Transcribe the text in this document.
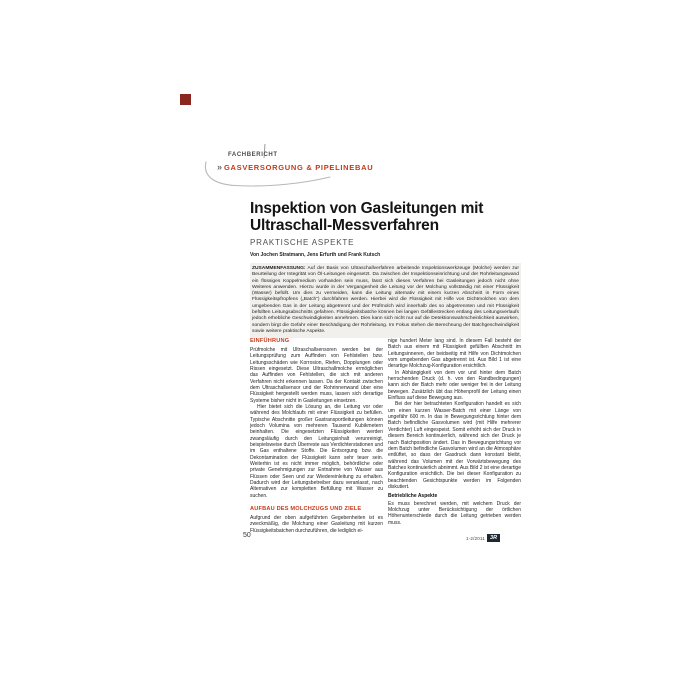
FACHBERICHT
» GASVERSORGUNG & PIPELINEBAU
Inspektion von Gasleitungen mit
Ultraschall-Messverfahren
PRAKTISCHE ASPEKTE
Von Jochen Stratmann, Jens Erfurth und Frank Kutsch
ZUSAMMENFASSUNG: Auf der Basis von Ultraschallverfahren arbeitende Inspektionswerkzeuge (Molche) werden zur Beurteilung der Integrität von Öl-Leitungen eingesetzt. Da zwischen der Inspektionseinrichtung und der Rohrleitungswand ein flüssiges Koppelmedium vorhanden sein muss, lässt sich dieses Verfahren bei Gasleitungen jedoch nicht ohne Weiteres anwenden. Hierzu wurde in der Vergangenheit die Leitung vor der Molchung vollständig mit einer Flüssigkeit (Wasser) befüllt. Um dies zu vermeiden, kann die Leitung alternativ mit einem kurzen Abschnitt in Form eines Flüssigkeitspfropfens („Batch“) durchfahren werden. Hierbei wird die Flüssigkeit mit Hilfe von Dichtmolchen von dem umgebenden Gas in der Leitung abgetrennt und der Prüfmolch wird innerhalb des so abgetrennten und mit Flüssigkeit befüllten Leitungsabschnitts gefahren. Flüssigkeitsbatche können bei langen Gefällestrecken entlang des Leitungsverlaufs jedoch erhebliche Geschwindigkeiten annehmen. Dies kann sich nicht nur auf die Detektionswahrscheinlichkeit auswirken, sondern birgt die Gefahr einer Beschädigung der Rohrleitung. Im Fokus stehen die Berechnung der Batchgeschwindigkeit sowie weitere praktische Aspekte.
EINFÜHRUNG

Prüfmolche mit Ultraschallsensoren werden bei der Leitungsprüfung zum Auffinden von Fehlstellen bzw. Leitungsschäden wie Korrosion, Riefen, Dopplungen oder Rissen eingesetzt. Diese Ultraschallmolche ermöglichen das Auffinden von Fehlstellen, die sich mit anderen Verfahren nicht erkennen lassen. Da der Kontakt zwischen dem Ultraschallsensor und der Rohrinnenwand über eine Flüssigkeit hergestellt werden muss, lassen sich derartige Systeme bisher nicht in Gasleitungen einsetzen.

Hier bietet sich die Lösung an, die Leitung vor oder während des Molchlaufs mit einer Flüssigkeit zu befüllen. Typische Abschnitte großer Gastransportleitungen können jedoch Volumina von mehreren Tausend Kubikmetern beinhalten. Die eingesetzten Flüssigkeiten werden zwangsläufig durch den Leitungsinhalt verunreinigt, beispielsweise durch Überreste aus Verdichterstationen und im Gas enthaltene Stoffe. Die Entsorgung bzw. die Dekontamination der Flüssigkeit kann sehr teuer sein. Weiterhin ist es nicht immer möglich, behördliche oder private Genehmigungen zur Entnahme von Wasser aus Flüssen oder Seen und zur Wiedereinleitung zu erhalten. Dadurch wird der Leitungsbetreiber dazu veranlasst, nach Alternativen zur kompletten Befüllung mit Wasser zu suchen.

AUFBAU DES MOLCHZUGS UND ZIELE

Aufgrund der oben aufgeführten Gegebenheiten ist es zweckmäßig, die Molchung einer Gasleitung mit kurzen Flüssigkeitsbatchen durchzuführen, die lediglich ei-

nige hundert Meter lang sind. In diesem Fall besteht der Batch aus einem mit Flüssigkeit gefüllten Abschnitt im Leitungsinneren, der beidseitig mit Hilfe von Dichtmolchen vom umgebenden Gas abgetrennt ist. Aus Bild 1 ist eine derartige Molchzug-Konfiguration ersichtlich.

In Abhängigkeit von dem vor und hinter dem Batch herrschenden Druck (d. h. von den Randbedingungen) kann sich der Batch mehr oder weniger frei in der Leitung bewegen. Zusätzlich übt das Höhenprofil der Leitung einen Einfluss auf diese Bewegung aus.

Bei der hier betrachteten Konfiguration handelt es sich um einen kurzen Wasser-Batch mit einer Länge von ungefähr 600 m. In das in Bewegungsrichtung hinter dem Batch befindliche Gasvolumen wird (mit Hilfe mehrerer Verdichter) Luft eingespeist. Somit erhöht sich der Druck in diesem Bereich kontinuierlich, während sich der Druck je nach Batchposition ändert. Das in Bewegungsrichtung vor dem Batch befindliche Gasvolumen wird an die Atmosphäre entlüftet, so dass der Gasdruck dann konstant bleibt, während das Volumen mit der Vorwärtsbewegung des Batches kontinuierlich abnimmt. Aus Bild 2 ist eine derartige Konfiguration ersichtlich. Die bei dieser Konfiguration zu beachtenden Gesichtspunkte werden im Folgenden diskutiert.

Betriebliche Aspekte

Es muss berechnet werden, mit welchem Druck der Molchzug unter Berücksichtigung der örtlichen Höhenunterschiede durch die Leitung getrieben werden muss.

50	1-2/2011 3R
